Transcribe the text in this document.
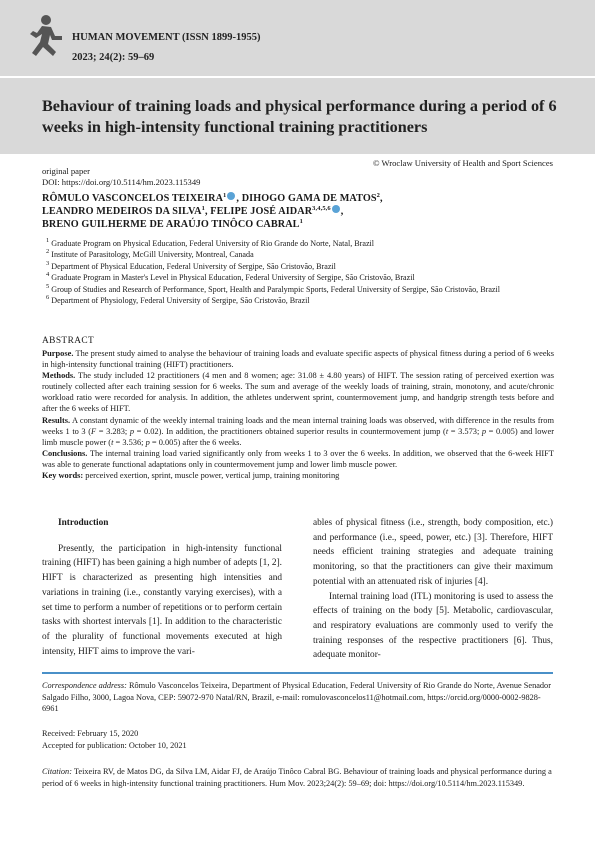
HUMAN MOVEMENT (ISSN 1899-1955)
2023; 24(2): 59–69
Behaviour of training loads and physical performance during a period of 6 weeks in high-intensity functional training practitioners
© Wroclaw University of Health and Sport Sciences
original paper
DOI: https://doi.org/10.5114/hm.2023.115349
RÔMULO VASCONCELOS TEIXEIRA$^1$ , DIHOGO GAMA DE MATOS$^2$,
LEANDRO MEDEIROS DA SILVA$^1$, FELIPE JOSÉ AIDAR$^{3,4,5,6}$ ,
BRENO GUILHERME DE ARAÚJO TINÔCO CABRAL$^1$
$^1$ Graduate Program on Physical Education, Federal University of Rio Grande do Norte, Natal, Brazil
$^2$ Institute of Parasitology, McGill University, Montreal, Canada
$^3$ Department of Physical Education, Federal University of Sergipe, São Cristovão, Brazil
$^4$ Graduate Program in Master's Level in Physical Education, Federal University of Sergipe, São Cristovão, Brazil
$^5$ Group of Studies and Research of Performance, Sport, Health and Paralympic Sports, Federal University of Sergipe, São Cristovão, Brazil
$^6$ Department of Physiology, Federal University of Sergipe, São Cristovão, Brazil
ABSTRACT

Purpose. The present study aimed to analyse the behaviour of training loads and evaluate specific aspects of physical fitness during a period of 6 weeks in high-intensity functional training (HIFT) practitioners.

Methods. The study included 12 practitioners (4 men and 8 women; age: 31.08 ± 4.80 years) of HIFT. The session rating of perceived exertion was routinely collected after each training session for 6 weeks. The sum and average of the weekly loads of training, strain, monotony, and acute/chronic workload ratio were recorded for analysis. In addition, the athletes underwent sprint, countermovement jump, and handgrip strength tests before and after the 6 weeks of HIFT.

Results. A constant dynamic of the weekly internal training loads and the mean internal training loads was observed, with difference in the results from weeks 1 to 3 (F = 3.283; p = 0.02). In addition, the practitioners obtained superior results in countermovement jump (t = 3.573; p = 0.005) and lower limb muscle power (t = 3.536; p = 0.005) after the 6 weeks.

Conclusions. The internal training load varied significantly only from weeks 1 to 3 over the 6 weeks. In addition, we observed that the 6-week HIFT was able to generate functional adaptations only in countermovement jump and lower limb muscle power.

Key words: perceived exertion, sprint, muscle power, vertical jump, training monitoring

Introduction

Presently, the participation in high-intensity functional training (HIFT) has been gaining a high number of adepts [1, 2]. HIFT is characterized as presenting high intensities and variations in training (i.e., constantly varying exercises), with a set time to perform a number of repetitions or to perform certain tasks with shortest intervals [1]. In addition to the characteristic of the plurality of functional movements executed at high intensity, HIFT aims to improve the vari-

ables of physical fitness (i.e., strength, body composition, etc.) and performance (i.e., speed, power, etc.) [3]. Therefore, HIFT needs efficient training strategies and adequate training monitoring, so that the practitioners can give their maximum potential with an attenuated risk of injuries [4].

Internal training load (ITL) monitoring is used to assess the effects of training on the body [5]. Metabolic, cardiovascular, and respiratory evaluations are commonly used to verify the training responses of the respective practitioners [6]. Thus, adequate monitor-

Correspondence address: Rômulo Vasconcelos Teixeira, Department of Physical Education, Federal University of Rio Grande do Norte, Avenue Senador Salgado Filho, 3000, Lagoa Nova, CEP: 59072-970 Natal/RN, Brazil, e-mail: romulovasconcelos11@hotmail.com, https://orcid.org/0000-0002-9828-6961
Received: February 15, 2020
Accepted for publication: October 10, 2021
Citation: Teixeira RV, de Matos DG, da Silva LM, Aidar FJ, de Araújo Tinôco Cabral BG. Behaviour of training loads and physical performance during a period of 6 weeks in high-intensity functional training practitioners. Hum Mov. 2023;24(2): 59–69; doi: https://doi.org/10.5114/hm.2023.115349.
